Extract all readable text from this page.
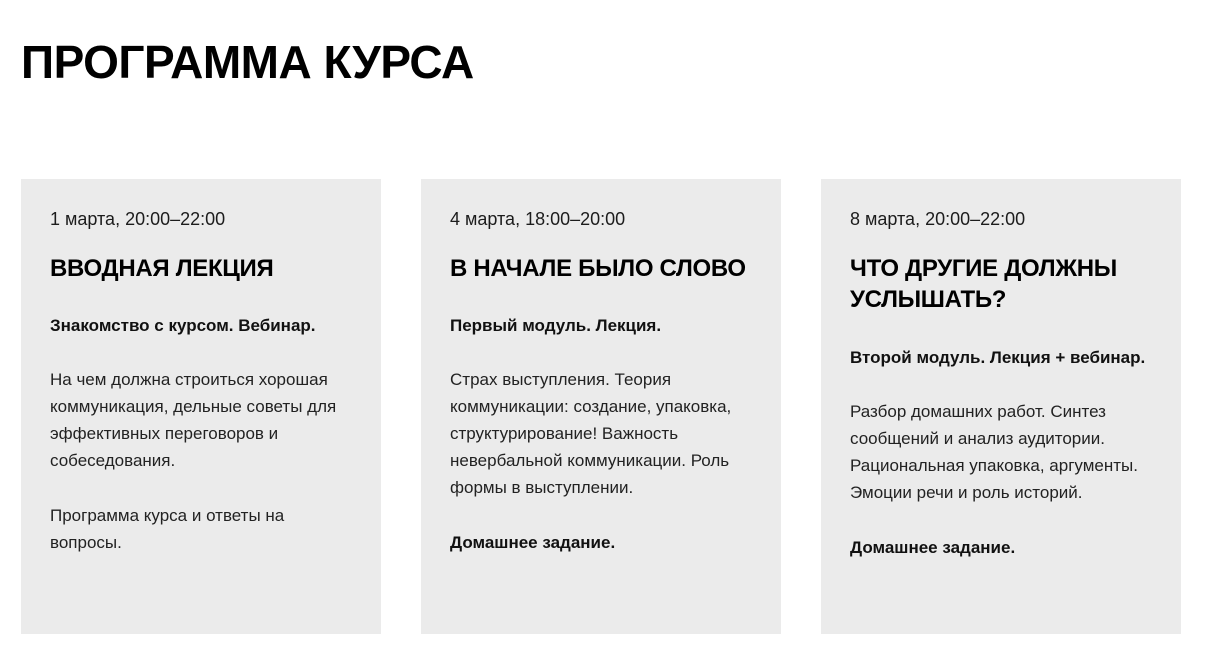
ПРОГРАММА КУРСА
1 марта, 20:00–22:00
ВВОДНАЯ ЛЕКЦИЯ

Знакомство с курсом. Вебинар.

На чем должна строиться хорошая коммуникация, дельные советы для эффективных переговоров и собеседования.

Программа курса и ответы на вопросы.

4 марта, 18:00–20:00
В НАЧАЛЕ БЫЛО СЛОВО

Первый модуль. Лекция.

Страх выступления. Теория коммуникации: создание, упаковка, структурирование! Важность невербальной коммуникации. Роль формы в выступлении.

Домашнее задание.

8 марта, 20:00–22:00
ЧТО ДРУГИЕ ДОЛЖНЫ УСЛЫШАТЬ?

Второй модуль. Лекция + вебинар.

Разбор домашних работ. Синтез сообщений и анализ аудитории. Рациональная упаковка, аргументы. Эмоции речи и роль историй.

Домашнее задание.
